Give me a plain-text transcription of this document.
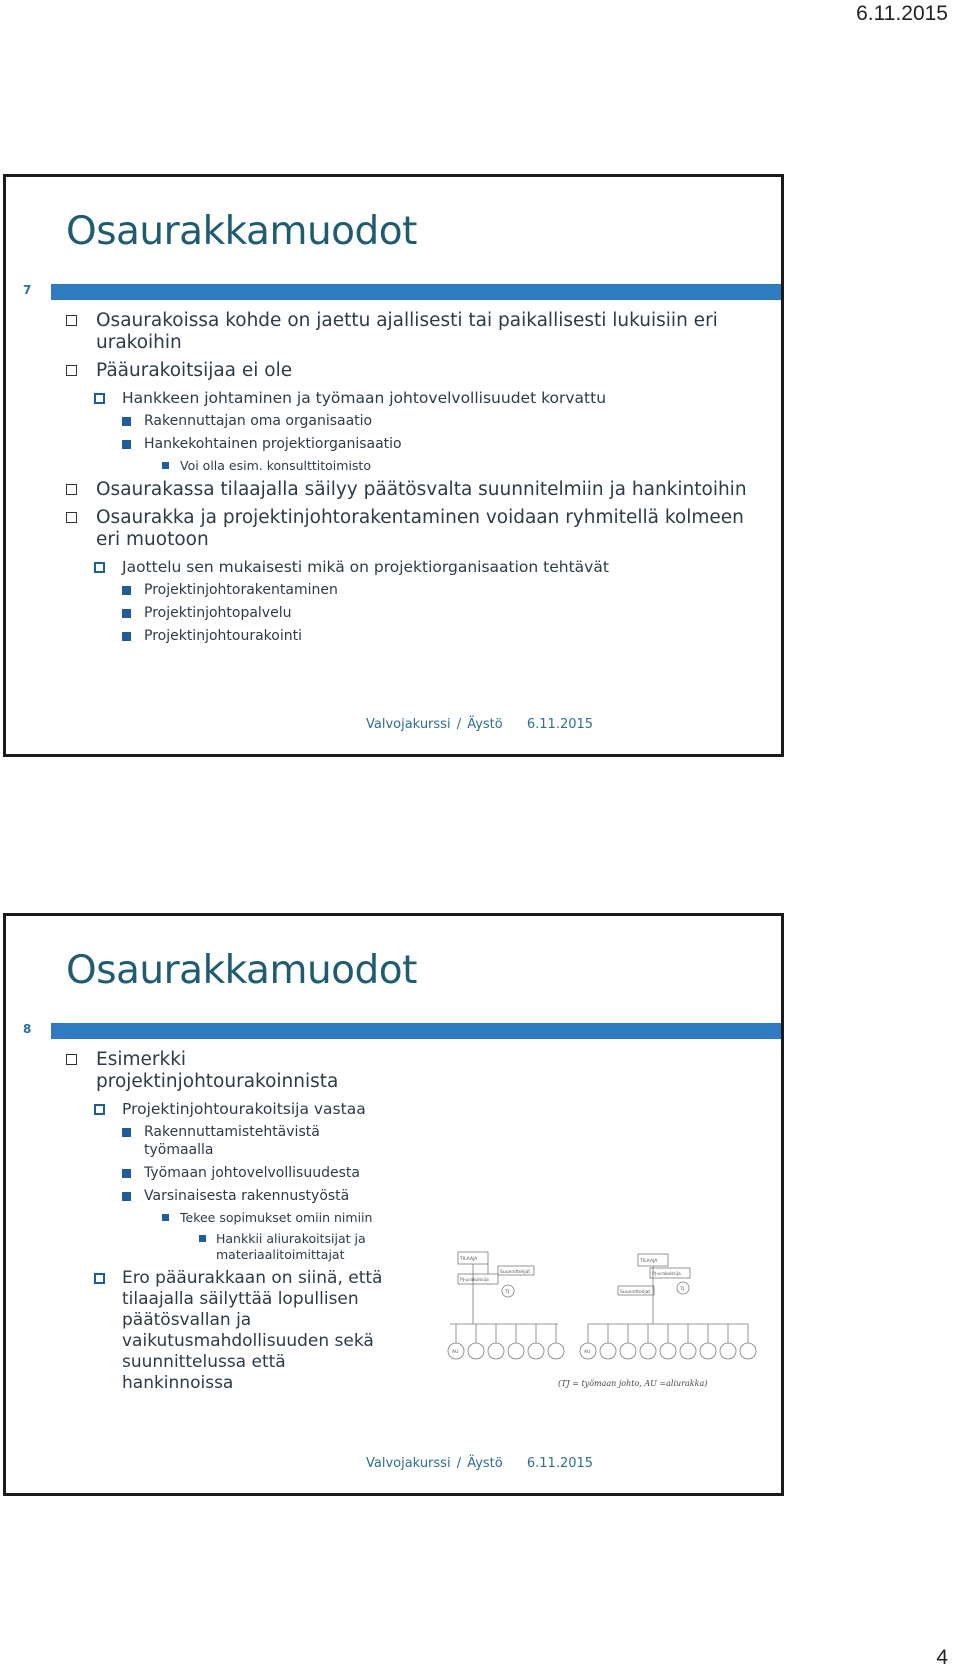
6.11.2015
Osaurakkamuodot
7

Osaurakoissa kohde on jaettu ajallisesti tai paikallisesti lukuisiin eri urakoihin

Pääurakoitsijaa ei ole

Hankkeen johtaminen ja työmaan johtovelvollisuudet korvattu

Rakennuttajan oma organisaatio

Hankekohtainen projektiorganisaatio

Voi olla esim. konsulttitoimisto

Osaurakassa tilaajalla säilyy päätösvalta suunnitelmiin ja hankintoihin

Osaurakka ja projektinjohtorakentaminen voidaan ryhmitellä kolmeen eri muotoon

Jaottelu sen mukaisesti mikä on projektiorganisaation tehtävät

Projektinjohtorakentaminen

Projektinjohtopalvelu

Projektinjohtourakointi

Valvojakurssi / Äystö 6.11.2015
Osaurakkamuodot
8

Esimerkki projektinjohtourakoinnista

Projektinjohtourakoitsija vastaa

Rakennuttamistehtävistä työmaalla

Työmaan johtovelvollisuudesta

Varsinaisesta rakennustyöstä

Tekee sopimukset omiin nimiin

Hankkii aliurakoitsijat ja materiaalitoimittajat

Ero pääurakkaan on siinä, että tilaajalla säilyttää lopullisen päätösvallan ja vaikutusmahdollisuuden sekä suunnittelussa että hankinnoissa

TILAAJA
PJ-urakoitsija
Suunnittelijat
TJ
TILAAJA
PJ-urakoitsija
Suunnittelijat
TJ
AU	AU
(TJ = työmaan johto, AU =aliurakka)
Valvojakurssi / Äystö 6.11.2015
4
